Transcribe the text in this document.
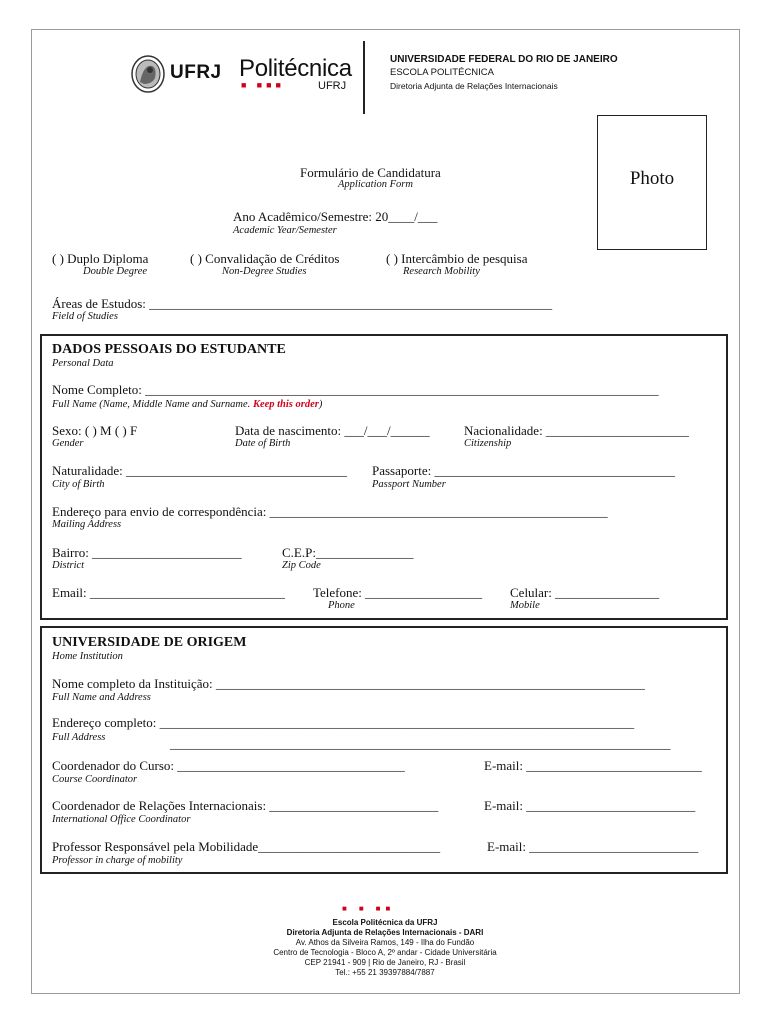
UFRJ Politécnica
■ ■■■	UFRJ
UNIVERSIDADE FEDERAL DO RIO DE JANEIRO
ESCOLA POLITÉCNICA
Diretoria Adjunta de Relações Internacionais
Photo
Formulário de Candidatura
Application Form
Ano Acadêmico/Semestre: 20____/___
Academic Year/Semester
( ) Duplo Diploma
Double Degree
( ) Convalidação de Créditos
Non-Degree Studies
( ) Intercâmbio de pesquisa
Research Mobility
Áreas de Estudos: ______________________________________________________________
Field of Studies
DADOS PESSOAIS DO ESTUDANTE
Personal Data
Nome Completo: _______________________________________________________________________________
Full Name (Name, Middle Name and Surname. Keep this order)
Sexo: ( ) M ( ) F
Gender
Data de nascimento: ___/___/______
Date of Birth
Nacionalidade: ______________________
Citizenship
Naturalidade: __________________________________
City of Birth
Passaporte: _____________________________________
Passport Number
Endereço para envio de correspondência: ____________________________________________________
Mailing Address
Bairro: _______________________
District
C.E.P:_______________
Zip Code
Email: ______________________________ Telefone: __________________
Phone
Celular: ________________
Mobile
UNIVERSIDADE DE ORIGEM
Home Institution
Nome completo da Instituição: __________________________________________________________________
Full Name and Address
Endereço completo: _________________________________________________________________________
Full Address	_____________________________________________________________________________
Coordenador do Curso: ___________________________________
Course Coordinator
E-mail: ___________________________
Coordenador de Relações Internacionais: __________________________
International Office Coordinator
E-mail: __________________________
Professor Responsável pela Mobilidade____________________________
Professor in charge of mobility
E-mail: __________________________
■ ■ ■■
Escola Politécnica da UFRJ
Diretoria Adjunta de Relações Internacionais - DARI
Av. Athos da Silveira Ramos, 149 - Ilha do Fundão
Centro de Tecnologia - Bloco A, 2º andar - Cidade Universitária
CEP 21941 - 909 | Rio de Janeiro, RJ - Brasil
Tel.: +55 21 39397884/7887
